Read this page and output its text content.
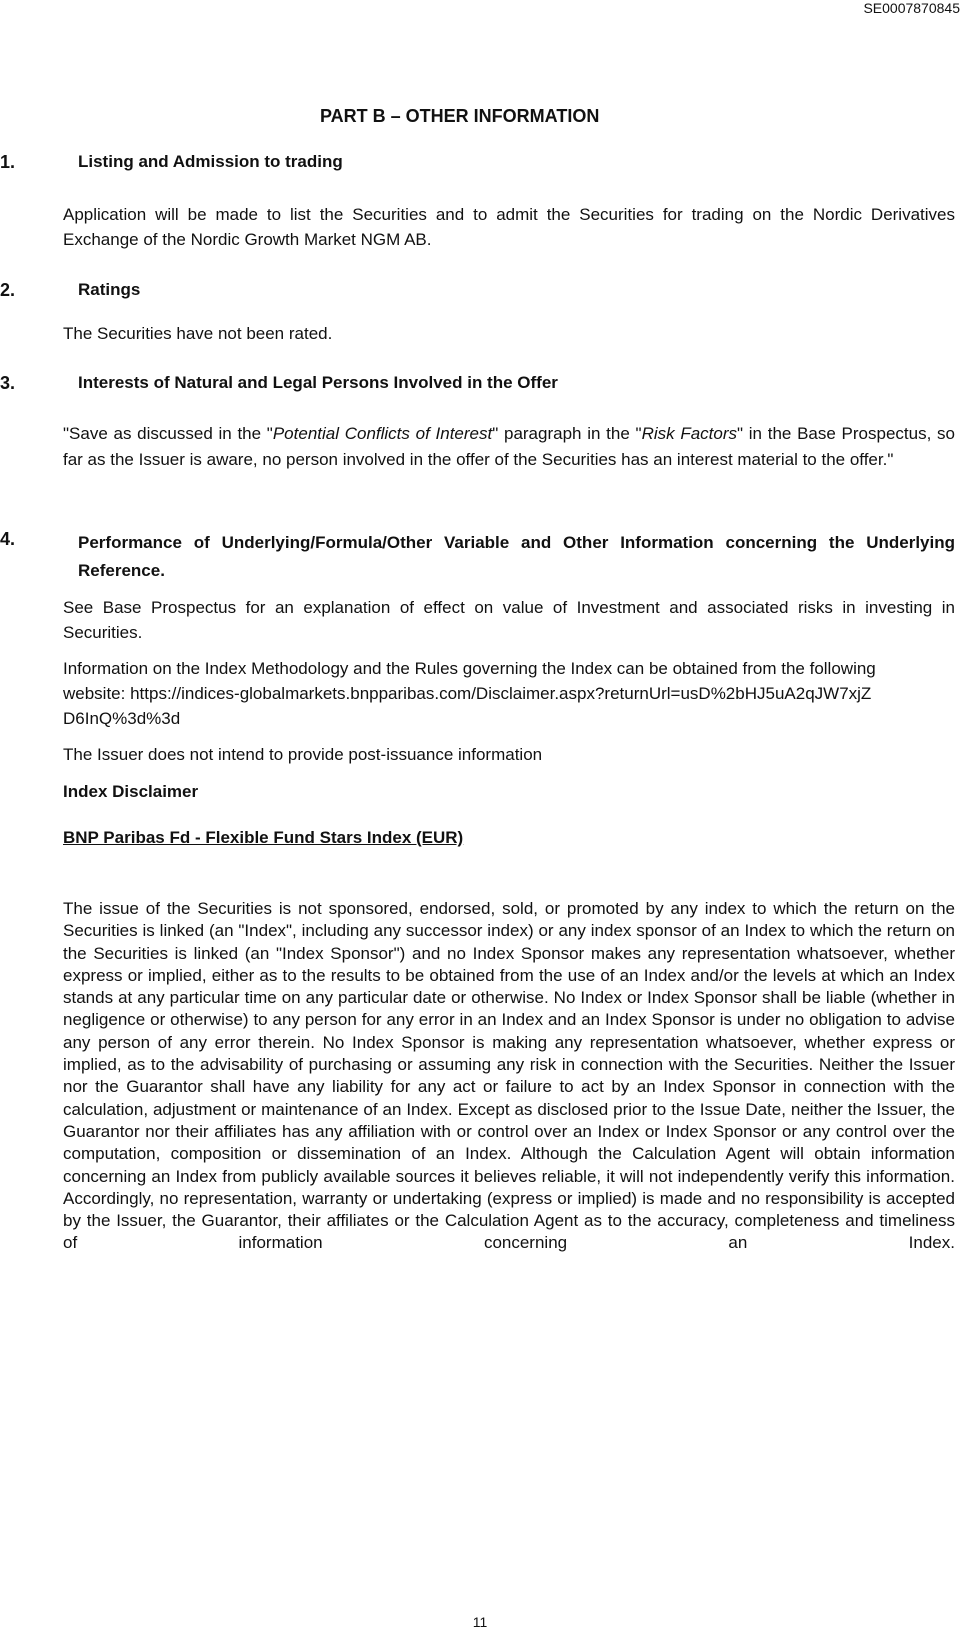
SE0007870845
PART B – OTHER INFORMATION
1.	Listing and Admission to trading
Application will be made to list the Securities and to admit the Securities for trading on the Nordic Derivatives Exchange of the Nordic Growth Market NGM AB.
2.	Ratings
The Securities have not been rated.
3.	Interests of Natural and Legal Persons Involved in the Offer
"Save as discussed in the "Potential Conflicts of Interest" paragraph in the "Risk Factors" in the Base Prospectus, so far as the Issuer is aware, no person involved in the offer of the Securities has an interest material to the offer."
4.	Performance of Underlying/Formula/Other Variable and Other Information concerning the Underlying Reference.
See Base Prospectus for an explanation of effect on value of Investment and associated risks in investing in Securities.
Information on the Index Methodology and the Rules governing the Index can be obtained from the following website: https://indices-globalmarkets.bnpparibas.com/Disclaimer.aspx?returnUrl=usD%2bHJ5uA2qJW7xjZD6InQ%3d%3d
The Issuer does not intend to provide post-issuance information
Index Disclaimer
BNP Paribas Fd - Flexible Fund Stars Index (EUR)
The issue of the Securities is not sponsored, endorsed, sold, or promoted by any index to which the return on the Securities is linked (an "Index", including any successor index) or any index sponsor of an Index to which the return on the Securities is linked (an "Index Sponsor") and no Index Sponsor makes any representation whatsoever, whether express or implied, either as to the results to be obtained from the use of an Index and/or the levels at which an Index stands at any particular time on any particular date or otherwise. No Index or Index Sponsor shall be liable (whether in negligence or otherwise) to any person for any error in an Index and an Index Sponsor is under no obligation to advise any person of any error therein. No Index Sponsor is making any representation whatsoever, whether express or implied, as to the advisability of purchasing or assuming any risk in connection with the Securities. Neither the Issuer nor the Guarantor shall have any liability for any act or failure to act by an Index Sponsor in connection with the calculation, adjustment or maintenance of an Index. Except as disclosed prior to the Issue Date, neither the Issuer, the Guarantor nor their affiliates has any affiliation with or control over an Index or Index Sponsor or any control over the computation, composition or dissemination of an Index. Although the Calculation Agent will obtain information concerning an Index from publicly available sources it believes reliable, it will not independently verify this information. Accordingly, no representation, warranty or undertaking (express or implied) is made and no responsibility is accepted by the Issuer, the Guarantor, their affiliates or the Calculation Agent as to the accuracy, completeness and timeliness of information concerning an Index.
11
